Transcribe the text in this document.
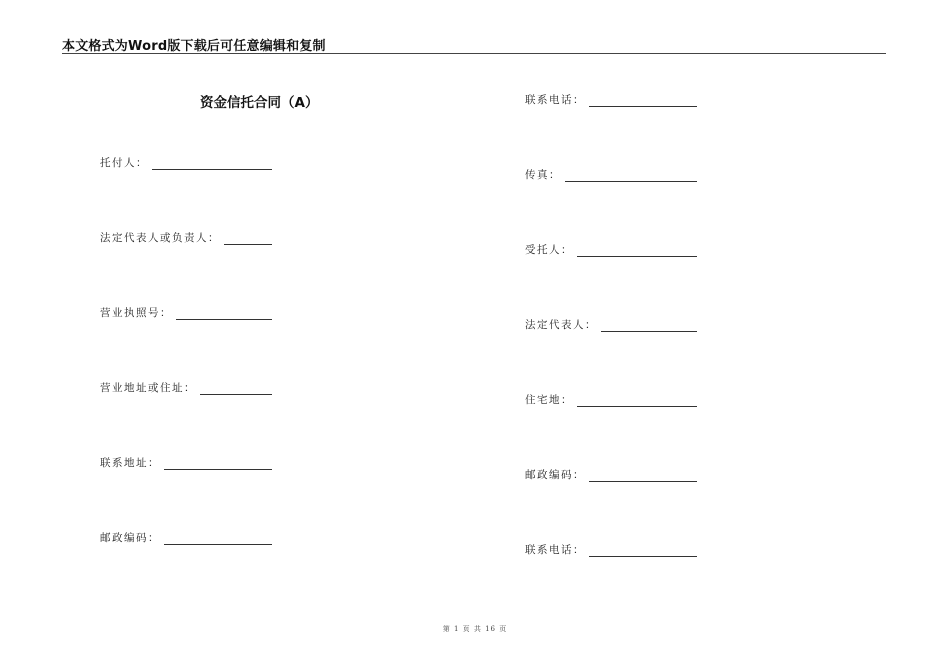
本文格式为Word版下载后可任意编辑和复制
资金信托合同（A）
托付人：
法定代表人或负责人：
营业执照号：
营业地址或住址：
联系地址：
邮政编码：
联系电话：
传真：
受托人：
法定代表人：
住宅地：
邮政编码：
联系电话：
第 1 页 共 16 页
